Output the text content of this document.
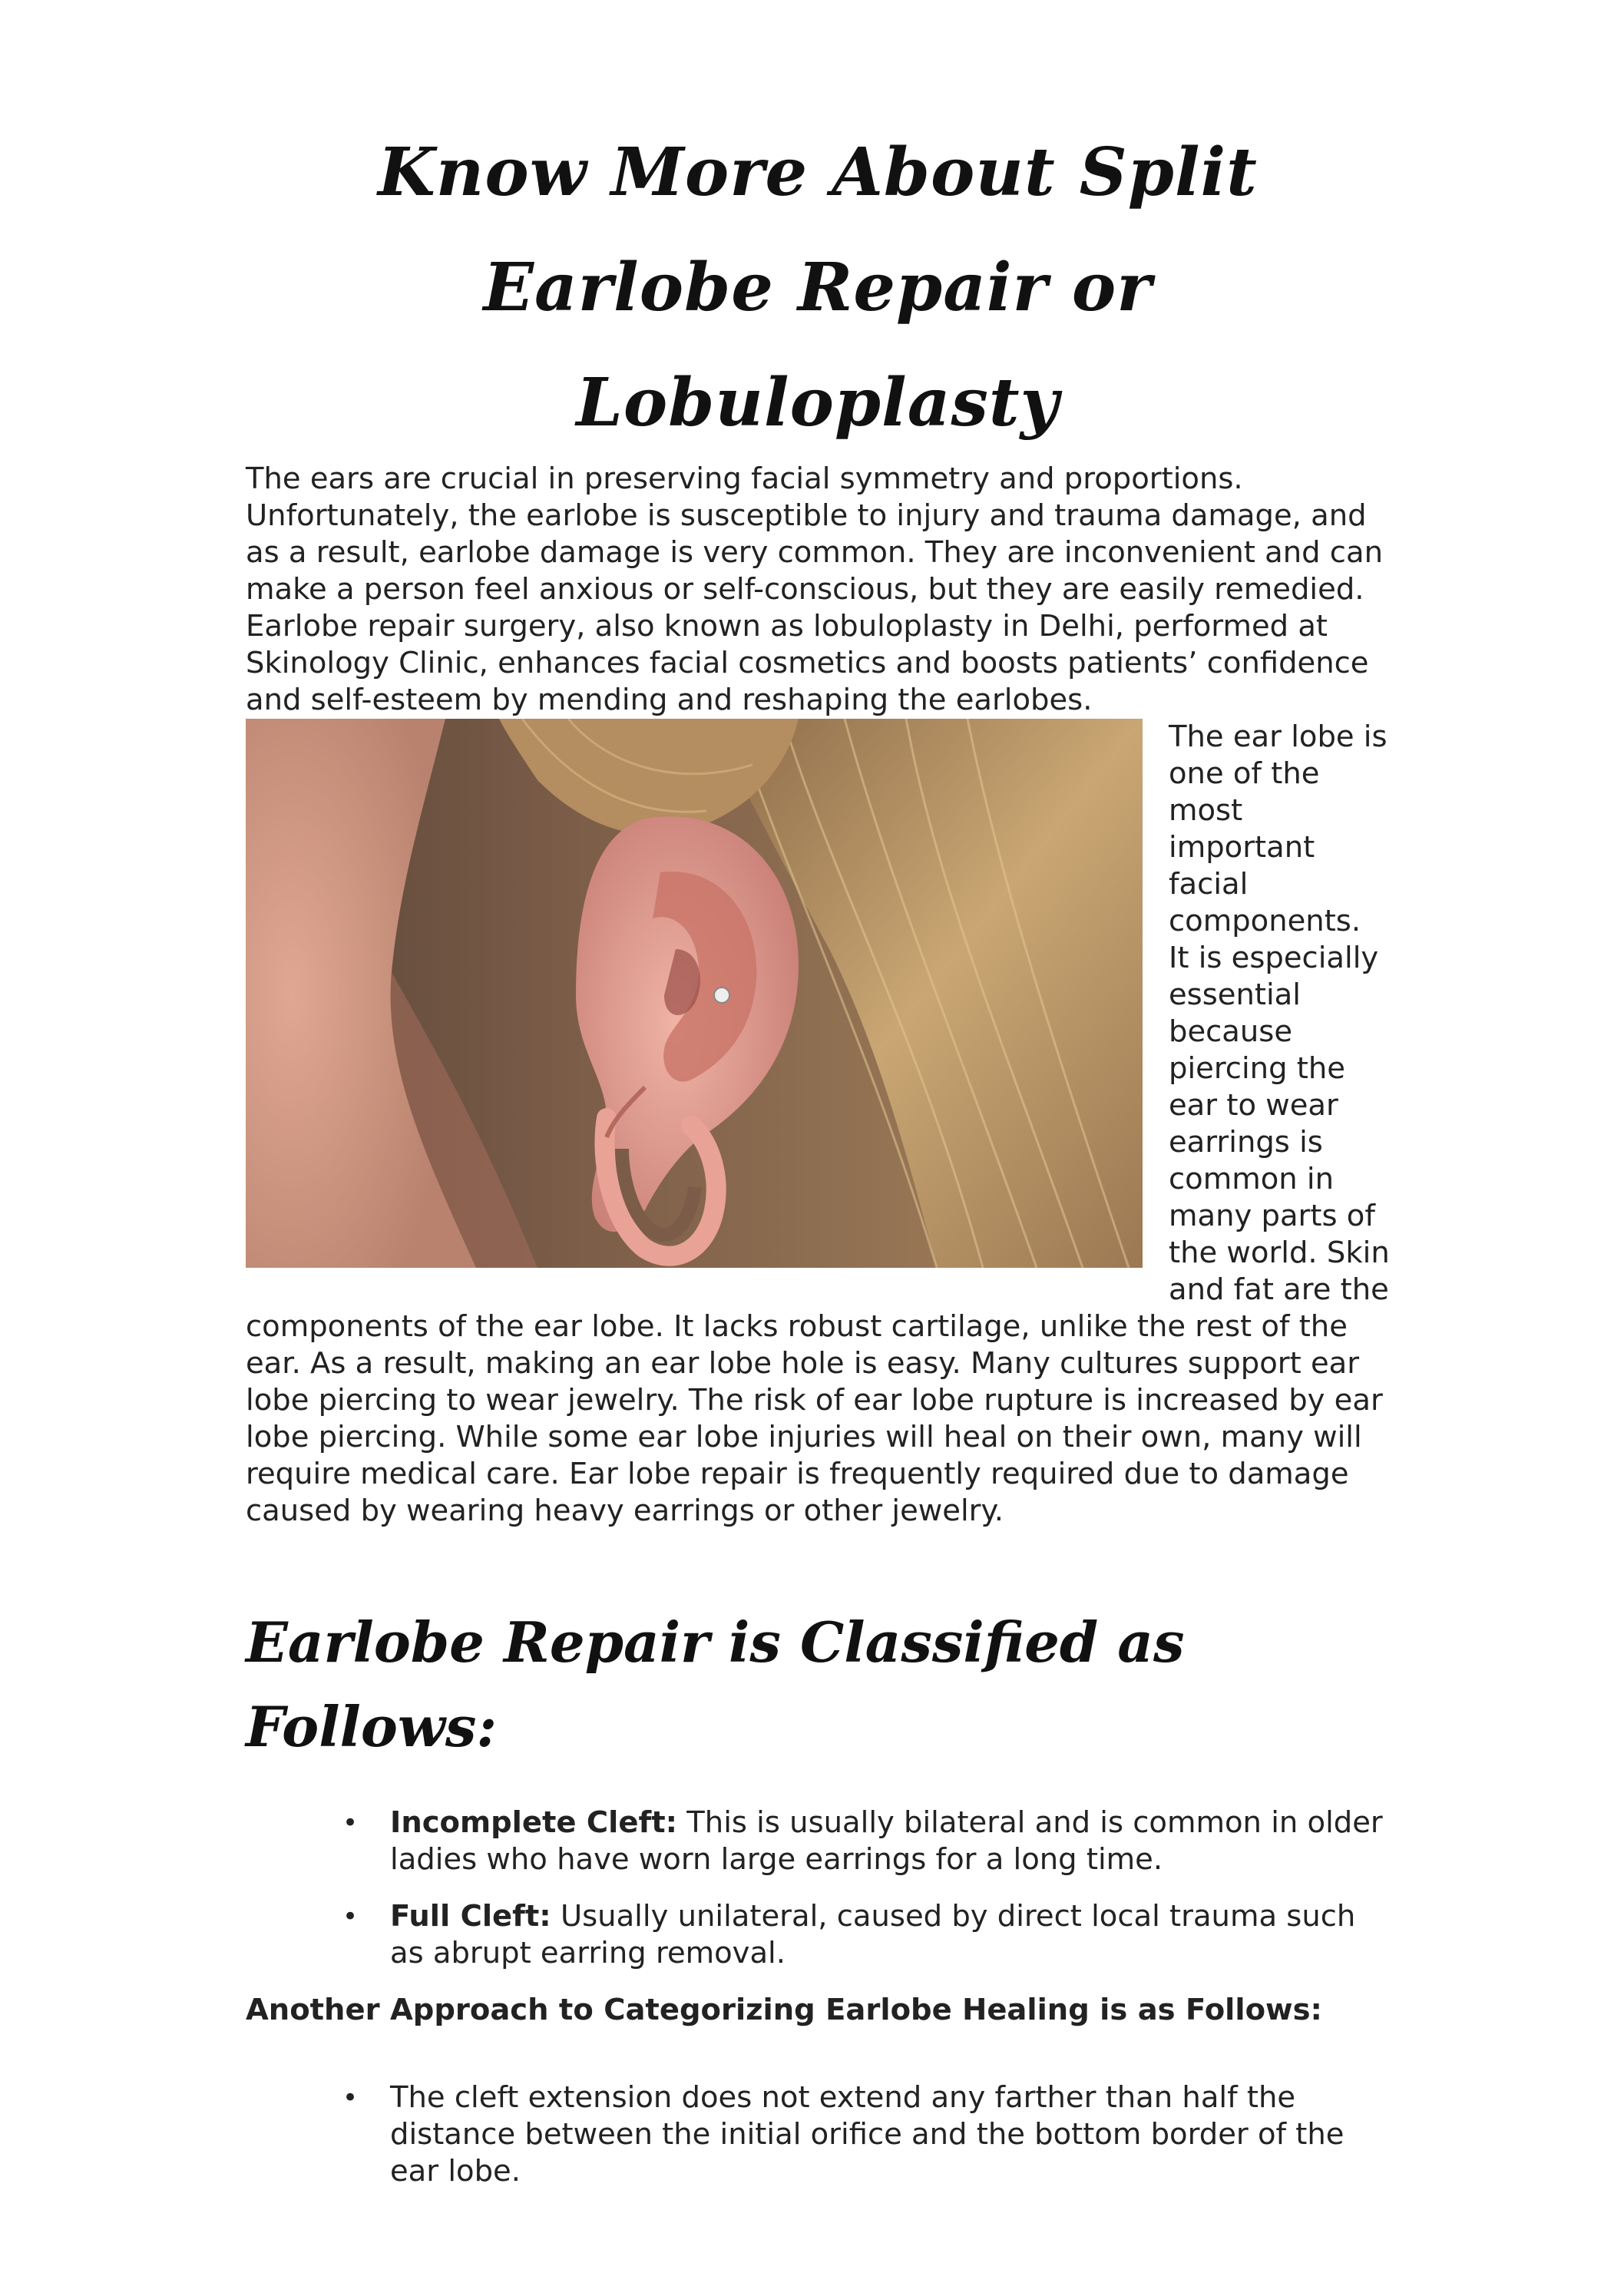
Know More About Split Earlobe Repair or Lobuloplasty

The ears are crucial in preserving facial symmetry and proportions. Unfortunately, the earlobe is susceptible to injury and trauma damage, and as a result, earlobe damage is very common. They are inconvenient and can make a person feel anxious or self-conscious, but they are easily remedied. Earlobe repair surgery, also known as lobuloplasty in Delhi, performed at Skinology Clinic, enhances facial cosmetics and boosts patients’ confidence and self-esteem by mending and reshaping the earlobes.

The ear lobe is one of the most important facial components. It is especially essential because piercing the ear to wear earrings is common in many parts of the world. Skin and fat are the components of the ear lobe. It lacks robust cartilage, unlike the rest of the ear. As a result, making an ear lobe hole is easy. Many cultures support ear lobe piercing to wear jewelry. The risk of ear lobe rupture is increased by ear lobe piercing. While some ear lobe injuries will heal on their own, many will require medical care. Ear lobe repair is frequently required due to damage caused by wearing heavy earrings or other jewelry.

Earlobe Repair is Classified as Follows:
• Incomplete Cleft: This is usually bilateral and is common in older ladies who have worn large earrings for a long time.
• Full Cleft: Usually unilateral, caused by direct local trauma such as abrupt earring removal.

Another Approach to Categorizing Earlobe Healing is as Follows:

• The cleft extension does not extend any farther than half the distance between the initial orifice and the bottom border of the ear lobe.
